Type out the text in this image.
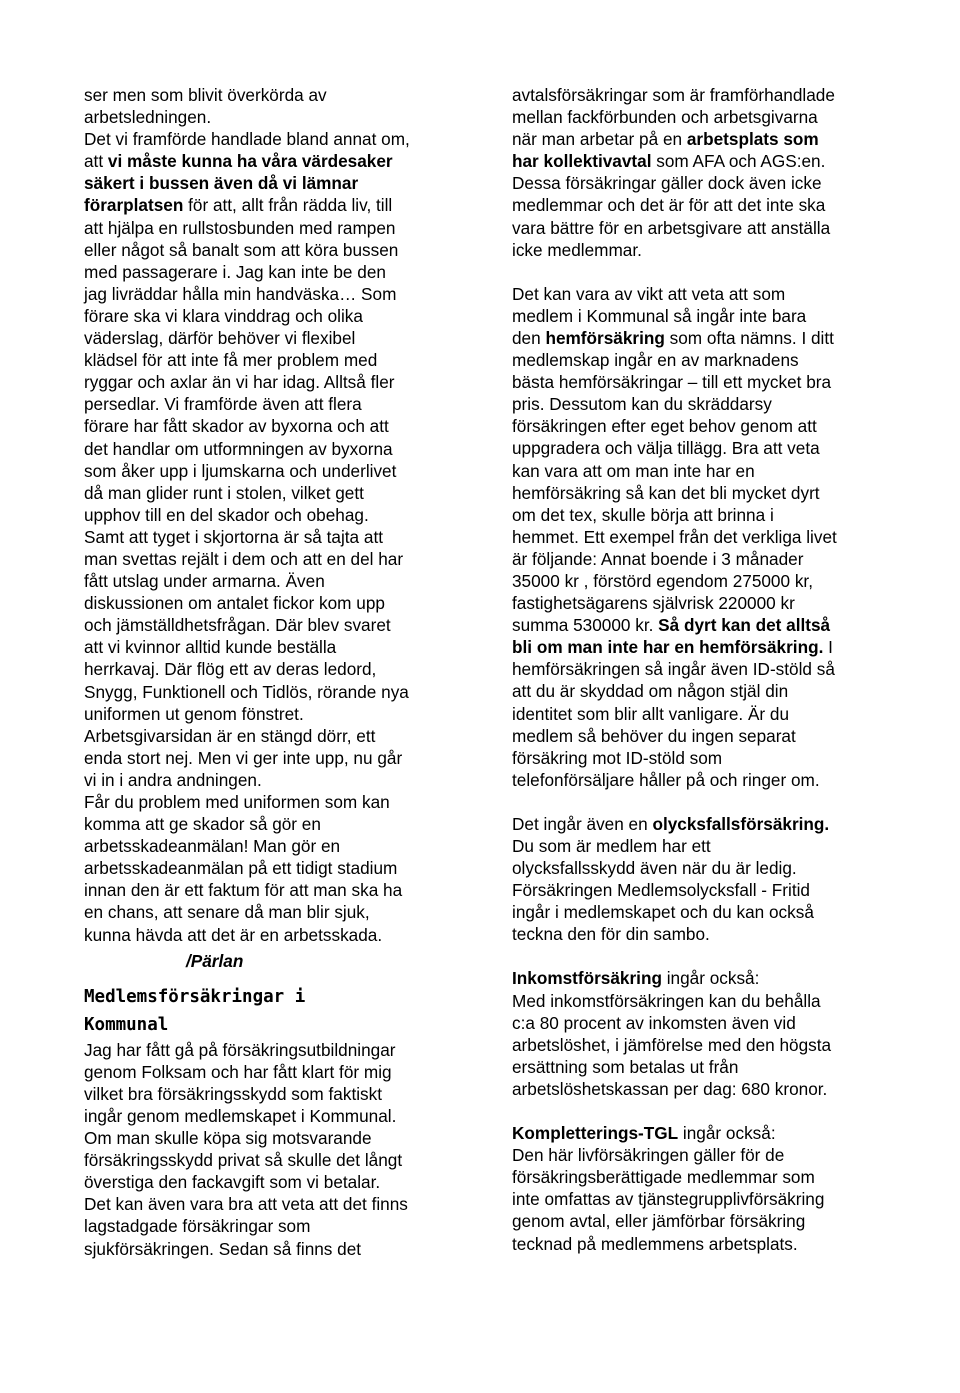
ser men som blivit överkörda av
arbetsledningen.
Det vi framförde handlade bland annat om,
att vi måste kunna ha våra värdesaker
säkert i bussen även då vi lämnar
förarplatsen för att, allt från rädda liv, till
att hjälpa en rullstosbunden med rampen
eller något så banalt som att köra bussen
med passagerare i. Jag kan inte be den
jag livräddar hålla min handväska… Som
förare ska vi klara vinddrag och olika
väderslag, därför behöver vi flexibel
klädsel för att inte få mer problem med
ryggar och axlar än vi har idag. Alltså fler
persedlar. Vi framförde även att flera
förare har fått skador av byxorna och att
det handlar om utformningen av byxorna
som åker upp i ljumskarna och underlivet
då man glider runt i stolen, vilket gett
upphov till en del skador och obehag.
Samt att tyget i skjortorna är så tajta att
man svettas rejält i dem och att en del har
fått utslag under armarna. Även
diskussionen om antalet fickor kom upp
och jämställdhetsfrågan. Där blev svaret
att vi kvinnor alltid kunde beställa
herrkavaj. Där flög ett av deras ledord,
Snygg, Funktionell och Tidlös, rörande nya
uniformen ut genom fönstret.
Arbetsgivarsidan är en stängd dörr, ett
enda stort nej. Men vi ger inte upp, nu går
vi in i andra andningen.
Får du problem med uniformen som kan
komma att ge skador så gör en
arbetsskadeanmälan! Man gör en
arbetsskadeanmälan på ett tidigt stadium
innan den är ett faktum för att man ska ha
en chans, att senare då man blir sjuk,
kunna hävda att det är en arbetsskada.
/Pärlan
Medlemsförsäkringar i
Kommunal
Jag har fått gå på försäkringsutbildningar
genom Folksam och har fått klart för mig
vilket bra försäkringsskydd som faktiskt
ingår genom medlemskapet i Kommunal.
Om man skulle köpa sig motsvarande
försäkringsskydd privat så skulle det långt
överstiga den fackavgift som vi betalar.
Det kan även vara bra att veta att det finns
lagstadgade försäkringar som
sjukförsäkringen. Sedan så finns det
avtalsförsäkringar som är framförhandlade
mellan fackförbunden och arbetsgivarna
när man arbetar på en arbetsplats som
har kollektivavtal som AFA och AGS:en.
Dessa försäkringar gäller dock även icke
medlemmar och det är för att det inte ska
vara bättre för en arbetsgivare att anställa
icke medlemmar.
Det kan vara av vikt att veta att som
medlem i Kommunal så ingår inte bara
den hemförsäkring som ofta nämns. I ditt
medlemskap ingår en av marknadens
bästa hemförsäkringar – till ett mycket bra
pris. Dessutom kan du skräddarsy
försäkringen efter eget behov genom att
uppgradera och välja tillägg. Bra att veta
kan vara att om man inte har en
hemförsäkring så kan det bli mycket dyrt
om det tex, skulle börja att brinna i
hemmet. Ett exempel från det verkliga livet
är följande: Annat boende i 3 månader
35000 kr , förstörd egendom 275000 kr,
fastighetsägarens självrisk 220000 kr
summa 530000 kr. Så dyrt kan det alltså
bli om man inte har en hemförsäkring. I
hemförsäkringen så ingår även ID-stöld så
att du är skyddad om någon stjäl din
identitet som blir allt vanligare. Är du
medlem så behöver du ingen separat
försäkring mot ID-stöld som
telefonförsäljare håller på och ringer om.
Det ingår även en olycksfallsförsäkring.
Du som är medlem har ett
olycksfallsskydd även när du är ledig.
Försäkringen Medlemsolycksfall - Fritid
ingår i medlemskapet och du kan också
teckna den för din sambo.
Inkomstförsäkring ingår också:
Med inkomstförsäkringen kan du behålla
c:a 80 procent av inkomsten även vid
arbetslöshet, i jämförelse med den högsta
ersättning som betalas ut från
arbetslöshetskassan per dag: 680 kronor.
Kompletterings-TGL ingår också:
Den här livförsäkringen gäller för de
försäkringsberättigade medlemmar som
inte omfattas av tjänstegrupplivförsäkring
genom avtal, eller jämförbar försäkring
tecknad på medlemmens arbetsplats.
